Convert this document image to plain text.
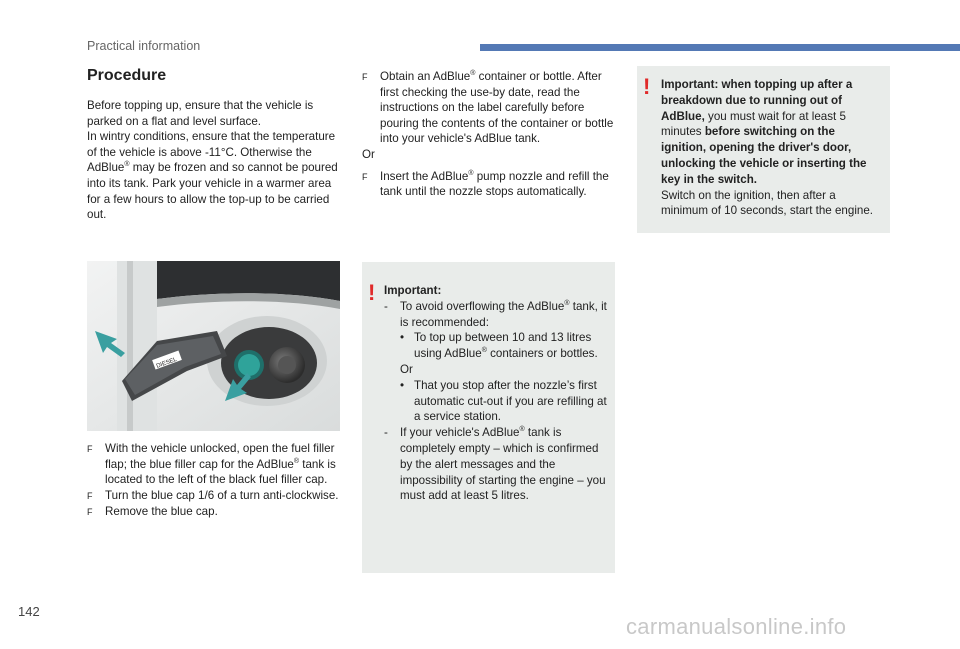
Practical information
Procedure

Before topping up, ensure that the vehicle is parked on a flat and level surface.

In wintry conditions, ensure that the temperature of the vehicle is above -11°C. Otherwise the AdBlue® may be frozen and so cannot be poured into its tank. Park your vehicle in a warmer area for a few hours to allow the top-up to be carried out.

DIESEL
F	With the vehicle unlocked, open the fuel filler flap; the blue filler cap for the AdBlue® tank is located to the left of the black fuel filler cap.
F	Turn the blue cap 1/6 of a turn anti-clockwise.
F	Remove the blue cap.
F	Obtain an AdBlue® container or bottle. After first checking the use-by date, read the instructions on the label carefully before pouring the contents of the container or bottle into your vehicle's AdBlue tank.
Or
F	Insert the AdBlue® pump nozzle and refill the tank until the nozzle stops automatically.
! Important:
-	To avoid overflowing the AdBlue® tank, it is recommended:
• To top up between 10 and 13 litres using AdBlue® containers or bottles.
Or
• That you stop after the nozzle’s first automatic cut-out if you are refilling at a service station.
-	If your vehicle's AdBlue® tank is completely empty – which is confirmed by the alert messages and the impossibility of starting the engine – you must add at least 5 litres.
! Important: when topping up after a breakdown due to running out of AdBlue, you must wait for at least 5 minutes before switching on the ignition, opening the driver's door, unlocking the vehicle or inserting the key in the switch.
Switch on the ignition, then after a minimum of 10 seconds, start the engine.
142
carmanualsonline.info
